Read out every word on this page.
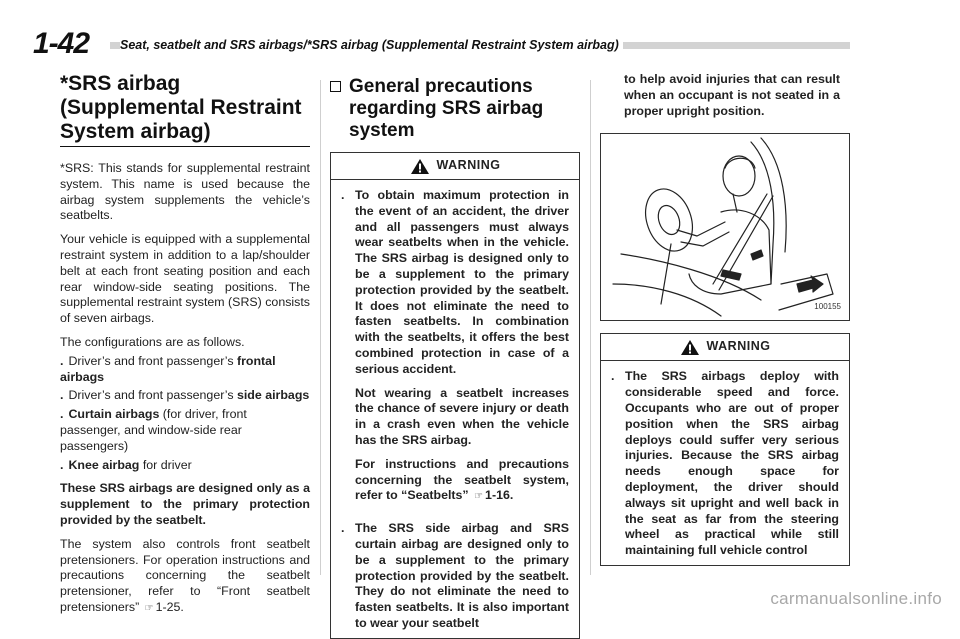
1-42 Seat, seatbelt and SRS airbags/*SRS airbag (Supplemental Restraint System airbag)
*SRS airbag (Supplemental Restraint System airbag)

*SRS: This stands for supplemental restraint system. This name is used because the airbag system supplements the vehicle’s seatbelts.

Your vehicle is equipped with a supplemental restraint system in addition to a lap/shoulder belt at each front seating position and each rear window-side seating positions. The supplemental restraint system (SRS) consists of seven airbags.

The configurations are as follows.

. Driver’s and front passenger’s frontal airbags
. Driver’s and front passenger’s side airbags
. Curtain airbags (for driver, front passenger, and window-side rear passengers)
. Knee airbag for driver

These SRS airbags are designed only as a supplement to the primary protection provided by the seatbelt.

The system also controls front seatbelt pretensioners. For operation instructions and precautions concerning the seatbelt pretensioner, refer to “Front seatbelt pretensioners” ☞ 1-25.

General precautions regarding SRS airbag system
WARNING
. To obtain maximum protection in the event of an accident, the driver and all passengers must always wear seatbelts when in the vehicle. The SRS airbag is designed only to be a supplement to the primary protection provided by the seatbelt. It does not eliminate the need to fasten seatbelts. In combination with the seatbelts, it offers the best combined protection in case of a serious accident.

Not wearing a seatbelt increases the chance of severe injury or death in a crash even when the vehicle has the SRS airbag.

For instructions and precautions concerning the seatbelt system, refer to “Seatbelts” ☞ 1-16.

. The SRS side airbag and SRS curtain airbag are designed only to be a supplement to the primary protection provided by the seatbelt. They do not eliminate the need to fasten seatbelts. It is also important to wear your seatbelt

to help avoid injuries that can result when an occupant is not seated in a proper upright position.

100155
WARNING
. The SRS airbags deploy with considerable speed and force. Occupants who are out of proper position when the SRS airbag deploys could suffer very serious injuries. Because the SRS airbag needs enough space for deployment, the driver should always sit upright and well back in the seat as far from the steering wheel as practical while still maintaining full vehicle control

carmanualsonline.info
